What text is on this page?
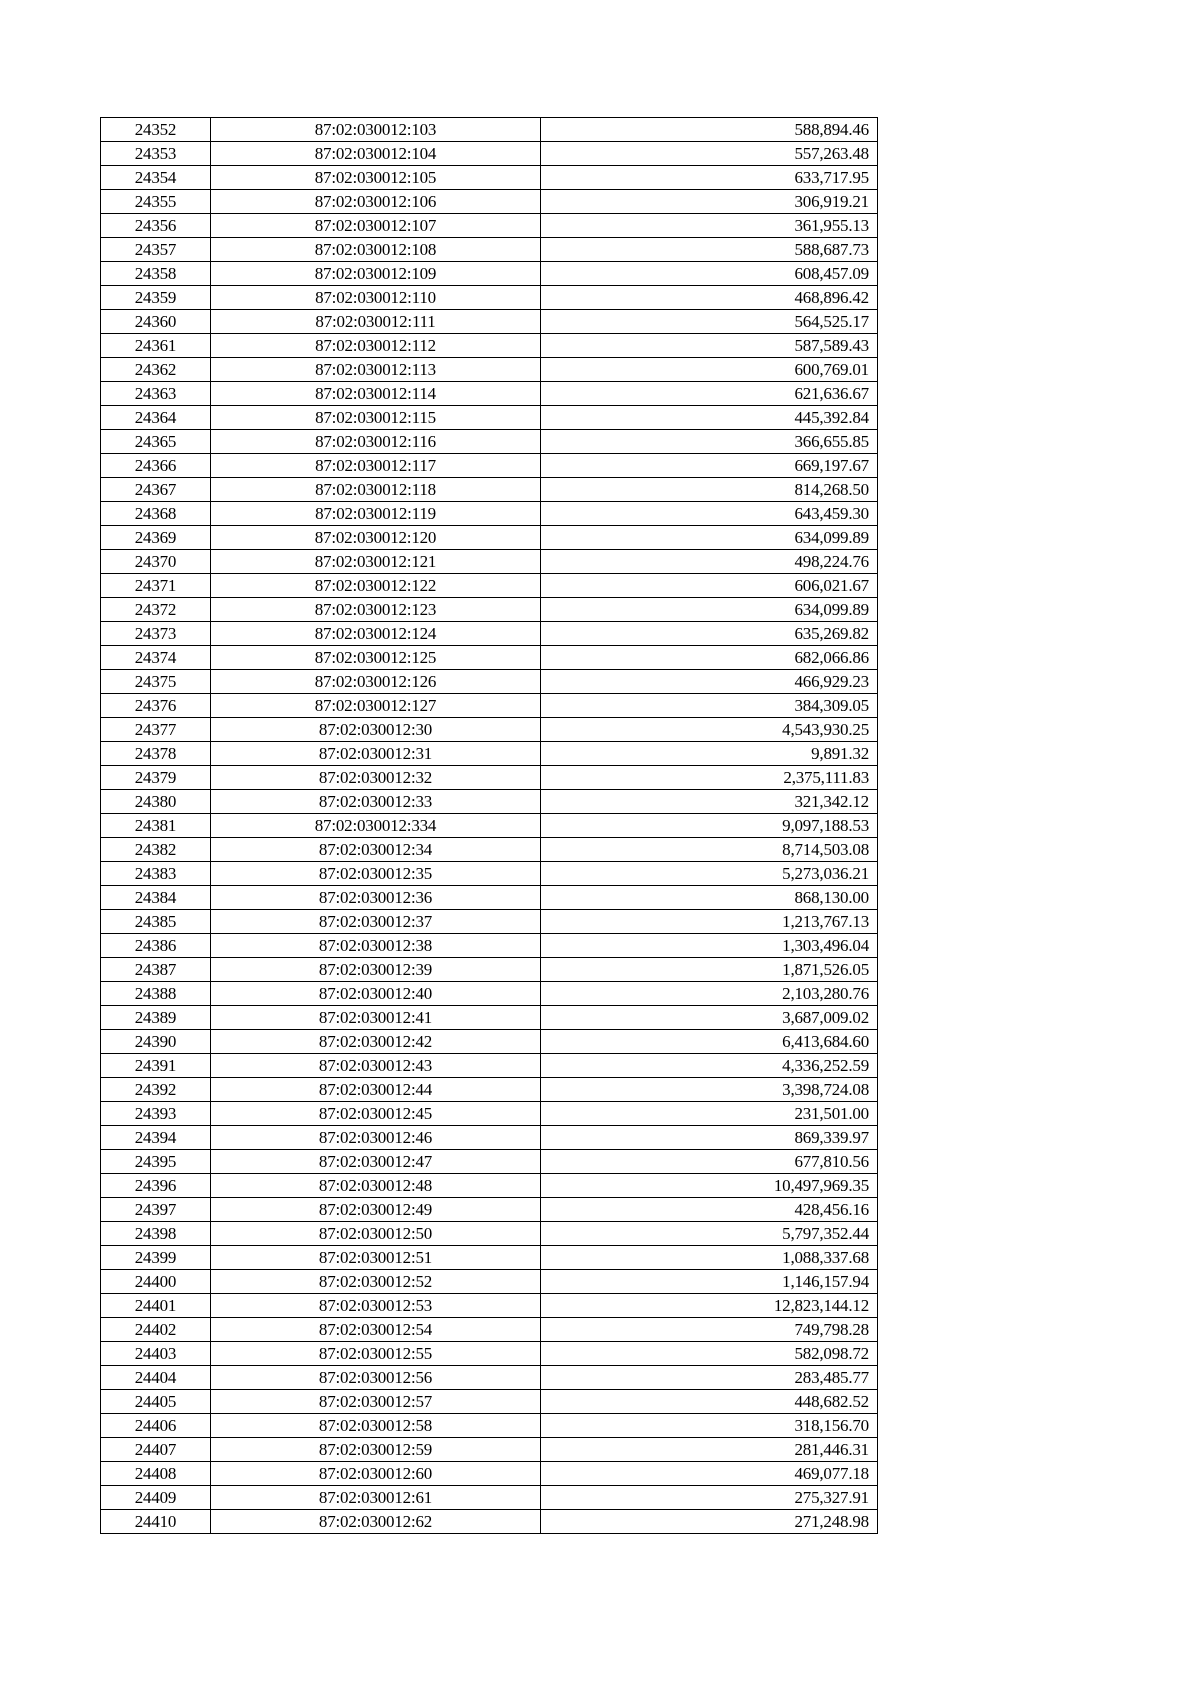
24352	87:02:030012:103	588,894.46
24353	87:02:030012:104	557,263.48
24354	87:02:030012:105	633,717.95
24355	87:02:030012:106	306,919.21
24356	87:02:030012:107	361,955.13
24357	87:02:030012:108	588,687.73
24358	87:02:030012:109	608,457.09
24359	87:02:030012:110	468,896.42
24360	87:02:030012:111	564,525.17
24361	87:02:030012:112	587,589.43
24362	87:02:030012:113	600,769.01
24363	87:02:030012:114	621,636.67
24364	87:02:030012:115	445,392.84
24365	87:02:030012:116	366,655.85
24366	87:02:030012:117	669,197.67
24367	87:02:030012:118	814,268.50
24368	87:02:030012:119	643,459.30
24369	87:02:030012:120	634,099.89
24370	87:02:030012:121	498,224.76
24371	87:02:030012:122	606,021.67
24372	87:02:030012:123	634,099.89
24373	87:02:030012:124	635,269.82
24374	87:02:030012:125	682,066.86
24375	87:02:030012:126	466,929.23
24376	87:02:030012:127	384,309.05
24377	87:02:030012:30	4,543,930.25
24378	87:02:030012:31	9,891.32
24379	87:02:030012:32	2,375,111.83
24380	87:02:030012:33	321,342.12
24381	87:02:030012:334	9,097,188.53
24382	87:02:030012:34	8,714,503.08
24383	87:02:030012:35	5,273,036.21
24384	87:02:030012:36	868,130.00
24385	87:02:030012:37	1,213,767.13
24386	87:02:030012:38	1,303,496.04
24387	87:02:030012:39	1,871,526.05
24388	87:02:030012:40	2,103,280.76
24389	87:02:030012:41	3,687,009.02
24390	87:02:030012:42	6,413,684.60
24391	87:02:030012:43	4,336,252.59
24392	87:02:030012:44	3,398,724.08
24393	87:02:030012:45	231,501.00
24394	87:02:030012:46	869,339.97
24395	87:02:030012:47	677,810.56
24396	87:02:030012:48	10,497,969.35
24397	87:02:030012:49	428,456.16
24398	87:02:030012:50	5,797,352.44
24399	87:02:030012:51	1,088,337.68
24400	87:02:030012:52	1,146,157.94
24401	87:02:030012:53	12,823,144.12
24402	87:02:030012:54	749,798.28
24403	87:02:030012:55	582,098.72
24404	87:02:030012:56	283,485.77
24405	87:02:030012:57	448,682.52
24406	87:02:030012:58	318,156.70
24407	87:02:030012:59	281,446.31
24408	87:02:030012:60	469,077.18
24409	87:02:030012:61	275,327.91
24410	87:02:030012:62	271,248.98
